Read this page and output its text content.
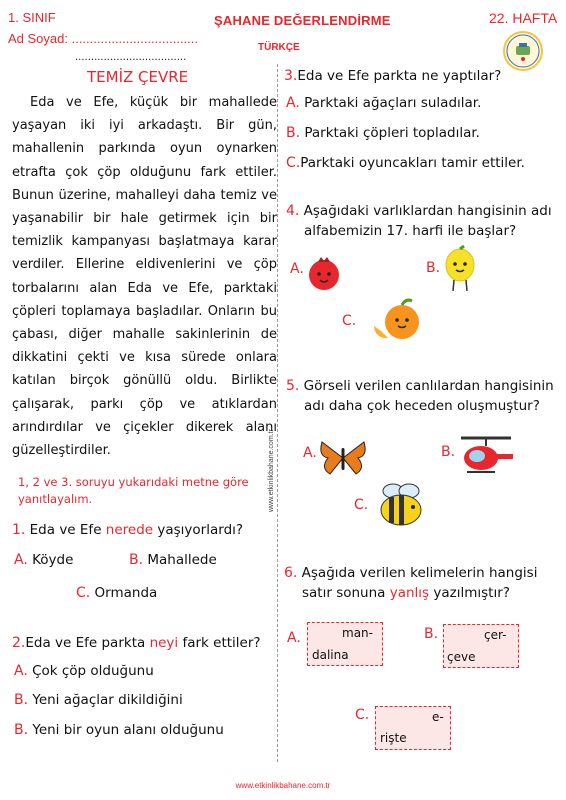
1. SINIF
Ad Soyad: ...................................
ŞAHANE DEĞERLENDİRME
TÜRKÇE
22. HAFTA
www.etkinlikbahane.com.tr
...................................
TEMİZ ÇEVRE

Eda ve Efe, küçük bir mahallede yaşayan iki iyi arkadaştı. Bir gün, mahallenin parkında oyun oynarken etrafta çok çöp olduğunu fark ettiler. Bunun üzerine, mahalleyi daha temiz ve yaşanabilir bir hale getirmek için bir temizlik kampanyası başlatmaya karar verdiler. Ellerine eldivenlerini ve çöp torbalarını alan Eda ve Efe, parktaki çöpleri toplamaya başladılar. Onların bu çabası, diğer mahalle sakinlerinin de dikkatini çekti ve kısa sürede onlara katılan birçok gönüllü oldu. Birlikte çalışarak, parkı çöp ve atıklardan arındırdılar ve çiçekler dikerek alanı güzelleştirdiler.

1, 2 ve 3. soruyu yukarıdaki metne göre yanıtlayalım.
1. Eda ve Efe nerede yaşıyorlardı?
A. Köyde	B. Mahallede
C. Ormanda
2.Eda ve Efe parkta neyi fark ettiler?
A. Çok çöp olduğunu
B. Yeni ağaçlar dikildiğini
B. Yeni bir oyun alanı olduğunu
3.Eda ve Efe parkta ne yaptılar?
A. Parktaki ağaçları suladılar.
B. Parktaki çöpleri topladılar.
C.Parktaki oyuncakları tamir ettiler.
4. Aşağıdaki varlıklardan hangisinin adı
alfabemizin 17. harfi ile başlar?
A.	B.
C.
5. Görseli verilen canlılardan hangisinin
adı daha çok heceden oluşmuştur?
A.	B.
C.
6. Aşağıda verilen kelimelerin hangisi
satır sonuna yanlış yazılmıştır?
A.	man-
dalina
B.	çer-
çeve
C.	e-
rişte
www.etkinlikbahane.com.tr
